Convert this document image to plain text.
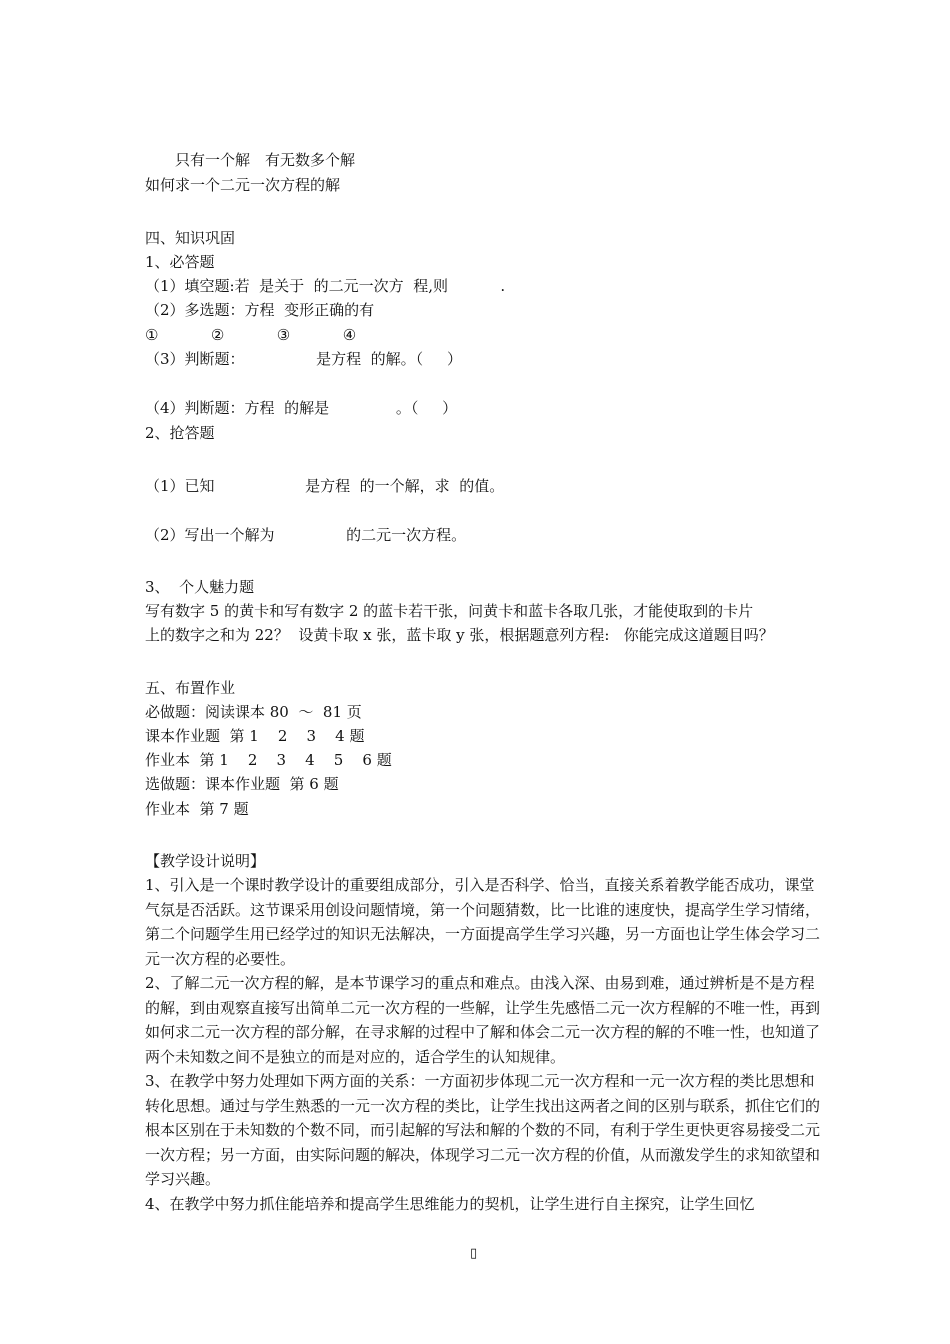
　　只有一个解　有无数多个解
如何求一个二元一次方程的解
四、知识巩固
1、必答题
（1）填空题:若  是关于  的二元一次方  程,则           .
（2）多选题：方程  变形正确的有
①           ②           ③           ④
（3）判断题：               是方程  的解。（     ）
（4）判断题：方程  的解是              。（     ）
2、抢答题
（1）已知                   是方程  的一个解，求  的值。
（2）写出一个解为               的二元一次方程。
3、  个人魅力题
写有数字 5 的黄卡和写有数字 2 的蓝卡若干张，问黄卡和蓝卡各取几张，才能使取到的卡片
上的数字之和为 22？  设黄卡取 x 张，蓝卡取 y 张，根据题意列方程:   你能完成这道题目吗？
五、布置作业
必做题：阅读课本 80  ～  81 页
课本作业题  第 1    2    3    4 题
作业本  第 1    2    3    4    5    6 题
选做题：课本作业题  第 6 题
作业本  第 7 题
【教学设计说明】
1、引入是一个课时教学设计的重要组成部分，引入是否科学、恰当，直接关系着教学能否成功，课堂气氛是否活跃。这节课采用创设问题情境，第一个问题猜数，比一比谁的速度快，提高学生学习情绪，第二个问题学生用已经学过的知识无法解决，一方面提高学生学习兴趣，另一方面也让学生体会学习二元一次方程的必要性。
2、了解二元一次方程的解，是本节课学习的重点和难点。由浅入深、由易到难，通过辨析是不是方程的解，到由观察直接写出简单二元一次方程的一些解，让学生先感悟二元一次方程解的不唯一性，再到如何求二元一次方程的部分解，在寻求解的过程中了解和体会二元一次方程的解的不唯一性，也知道了两个未知数之间不是独立的而是对应的，适合学生的认知规律。
3、在教学中努力处理如下两方面的关系：一方面初步体现二元一次方程和一元一次方程的类比思想和转化思想。通过与学生熟悉的一元一次方程的类比，让学生找出这两者之间的区别与联系，抓住它们的根本区别在于未知数的个数不同，而引起解的写法和解的个数的不同，有利于学生更快更容易接受二元一次方程；另一方面，由实际问题的解决，体现学习二元一次方程的价值，从而激发学生的求知欲望和学习兴趣。
4、在教学中努力抓住能培养和提高学生思维能力的契机，让学生进行自主探究，让学生回忆
▯
